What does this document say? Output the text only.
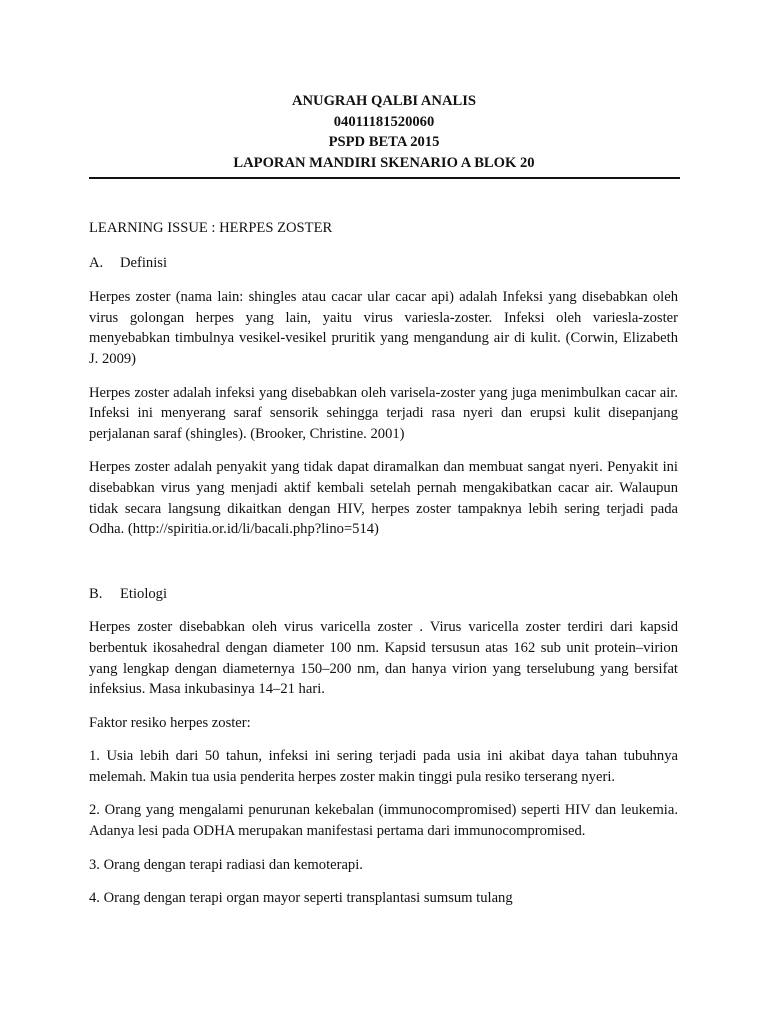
ANUGRAH QALBI ANALIS
04011181520060
PSPD BETA 2015
LAPORAN MANDIRI SKENARIO A BLOK 20

LEARNING ISSUE : HERPES ZOSTER

A.	Definisi

Herpes zoster (nama lain: shingles atau cacar ular cacar api) adalah Infeksi yang disebabkan oleh virus golongan herpes yang lain, yaitu virus variesla-zoster. Infeksi oleh variesla-zoster menyebabkan timbulnya vesikel-vesikel pruritik yang mengandung air di kulit. (Corwin, Elizabeth J. 2009)

Herpes zoster adalah infeksi yang disebabkan oleh varisela-zoster yang juga menimbulkan cacar air. Infeksi ini menyerang saraf sensorik sehingga terjadi rasa nyeri dan erupsi kulit disepanjang perjalanan saraf (shingles). (Brooker, Christine. 2001)

Herpes zoster adalah penyakit yang tidak dapat diramalkan dan membuat sangat nyeri. Penyakit ini disebabkan virus yang menjadi aktif kembali setelah pernah mengakibatkan cacar air. Walaupun tidak secara langsung dikaitkan dengan HIV, herpes zoster tampaknya lebih sering terjadi pada Odha. (http://spiritia.or.id/li/bacali.php?lino=514)

B.	Etiologi

Herpes zoster disebabkan oleh virus varicella zoster . Virus varicella zoster terdiri dari kapsid berbentuk ikosahedral dengan diameter 100 nm. Kapsid tersusun atas 162 sub unit protein–virion yang lengkap dengan diameternya 150–200 nm, dan hanya virion yang terselubung yang bersifat infeksius. Masa inkubasinya 14–21 hari.

Faktor resiko herpes zoster:

1. Usia lebih dari 50 tahun, infeksi ini sering terjadi pada usia ini akibat daya tahan tubuhnya melemah. Makin tua usia penderita herpes zoster makin tinggi pula resiko terserang nyeri.

2. Orang yang mengalami penurunan kekebalan (immunocompromised) seperti HIV dan leukemia. Adanya lesi pada ODHA merupakan manifestasi pertama dari immunocompromised.

3. Orang dengan terapi radiasi dan kemoterapi.

4. Orang dengan terapi organ mayor seperti transplantasi sumsum tulang
